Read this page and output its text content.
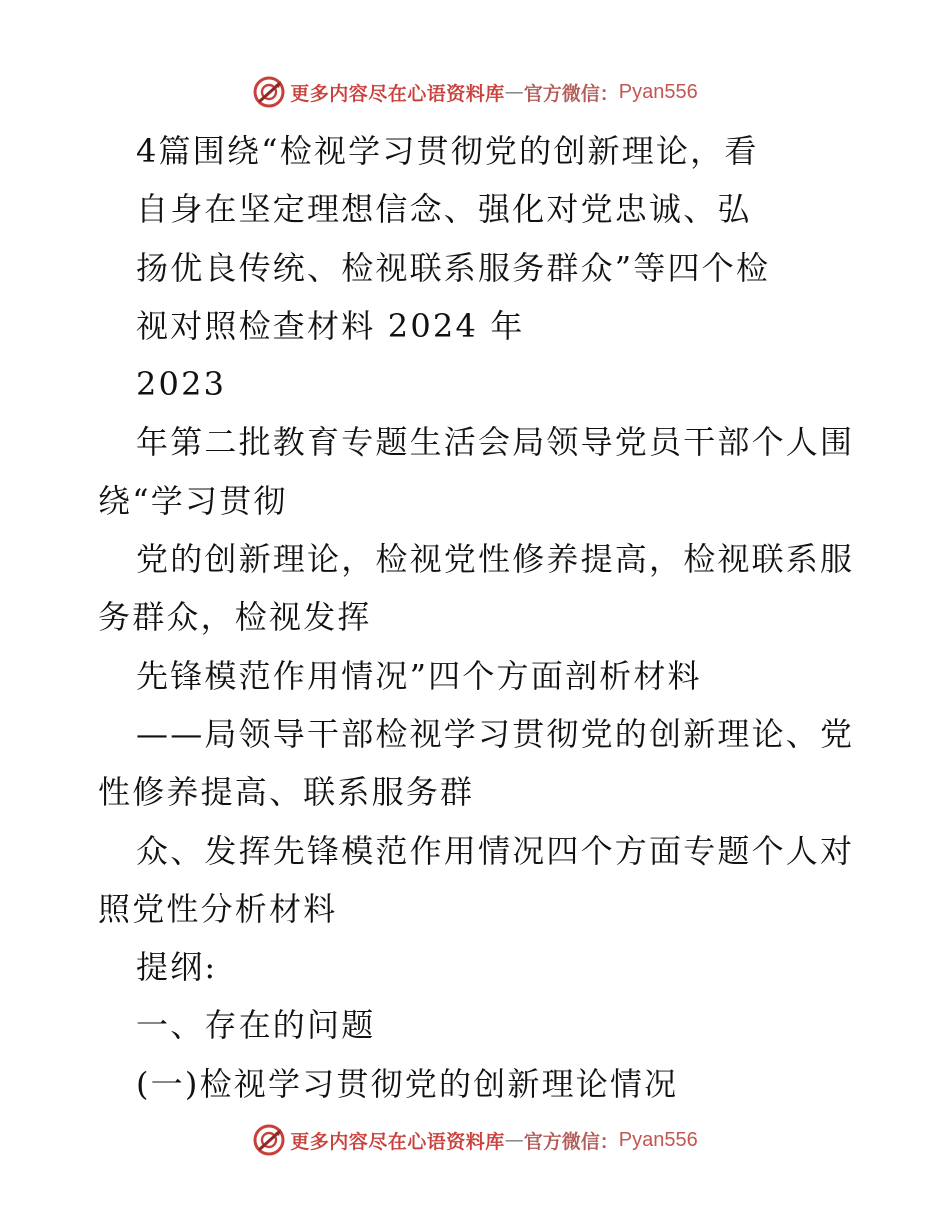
更多内容尽在心语资料库 — 官方微信： Pyan556
4篇围绕“检视学习贯彻党的创新理论，看
自身在坚定理想信念、强化对党忠诚、弘
扬优良传统、检视联系服务群众”等四个检
视对照检查材料 2024 年
2023
年第二批教育专题生活会局领导党员干部个人围
绕“学习贯彻
党的创新理论，检视党性修养提高，检视联系服
务群众，检视发挥
先锋模范作用情况”四个方面剖析材料
——局领导干部检视学习贯彻党的创新理论、党
性修养提高、联系服务群
众、发挥先锋模范作用情况四个方面专题个人对
照党性分析材料
提纲:
一、存在的问题
(一)检视学习贯彻党的创新理论情况
更多内容尽在心语资料库 — 官方微信： Pyan556
